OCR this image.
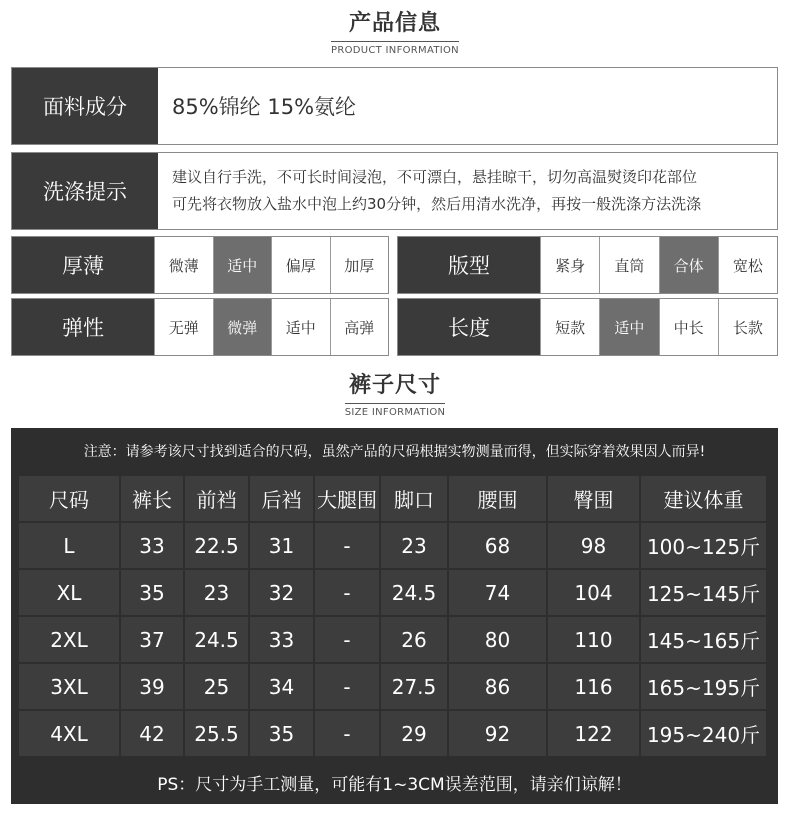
产品信息
PRODUCT INFORMATION
面料成分	85%锦纶 15%氨纶
洗涤提示
建议自行手洗，不可长时间浸泡，不可漂白，悬挂晾干，切勿高温熨烫印花部位
可先将衣物放入盐水中泡上约30分钟，然后用清水洗净，再按一般洗涤方法洗涤
厚薄	微薄	适中	偏厚	加厚	版型	紧身	直筒	合体	宽松
弹性	无弹	微弹	适中	高弹	长度	短款	适中	中长	长款
裤子尺寸
SIZE INFORMATION
注意：请参考该尺寸找到适合的尺码，虽然产品的尺码根据实物测量而得，但实际穿着效果因人而异!
尺码	裤长	前裆	后裆	大腿围	脚口	腰围	臀围	建议体重
L	33	22.5	31	-	23	68	98	100~125斤
XL	35	23	32	-	24.5	74	104	125~145斤
2XL	37	24.5	33	-	26	80	110	145~165斤
3XL	39	25	34	-	27.5	86	116	165~195斤
4XL	42	25.5	35	-	29	92	122	195~240斤
PS：尺寸为手工测量，可能有1~3CM误差范围，请亲们谅解！
